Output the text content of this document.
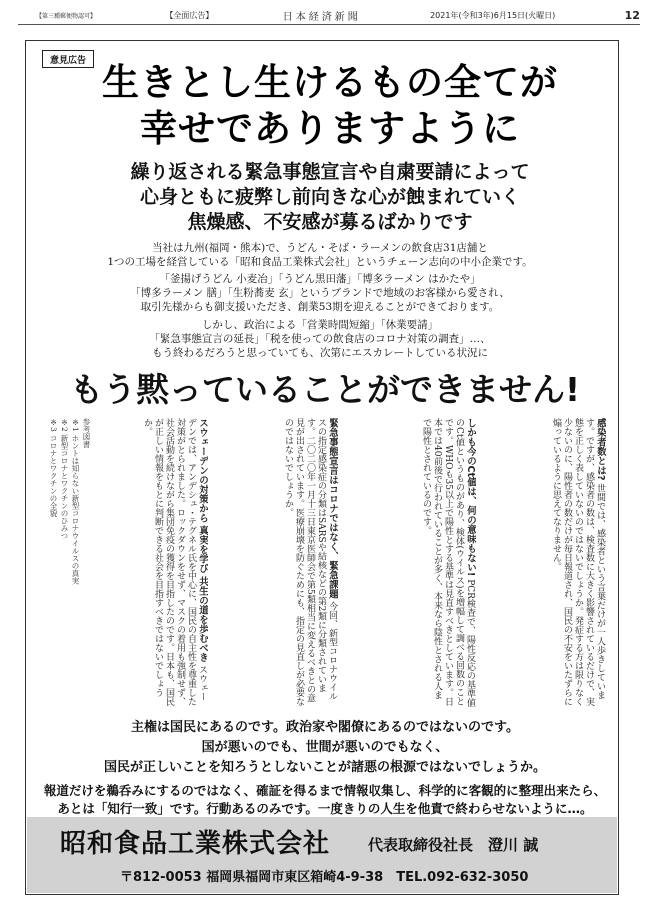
【第三種郵便物認可】	【全面広告】	日本経済新聞	2021年(令和3年)6月15日(火曜日)	12
意見広告
生きとし生けるもの全てが
幸せでありますように
繰り返される緊急事態宣言や自粛要請によって
心身ともに疲弊し前向きな心が蝕まれていく
焦燥感、不安感が募るばかりです
当社は九州(福岡・熊本)で、うどん・そば・ラーメンの飲食店31店舗と
1つの工場を経営している「昭和食品工業株式会社」というチェーン志向の中小企業です。
「釜揚げうどん 小麦冶」「うどん黒田藩」「博多ラーメン はかたや」
「博多ラーメン 膳」「生粉蕎麦 玄」というブランドで地域のお客様から愛され、
取引先様からも御支援いただき、創業53期を迎えることができております。
しかし、政治による「営業時間短縮」「休業要請」
「緊急事態宣言の延長」「税を使っての飲食店のコロナ対策の調査」…、
もう終わるだろうと思っていても、次第にエスカレートしている状況に
もう黙っていることができません!
感染者数とは? 世間では、感染者という言葉だけが一人歩きしています。ですが、感染者の数は、検査数に大きく影響されているだけで、実態を正しく表していないのではないでしょうか。発症する方は限りなく少ないのに、陽性者の数だけが毎日報道され、国民の不安をいたずらに煽っているように思えてなりません。
しかも今のCt値は、何の意味もない! PCR検査で、陽性反応の基準値のCt値というものがあり、検体(ウイルス)を増幅して調べる回数のことです。WHOも35以上で陽性とする基準は見直すべきとしています。日本では40前後で行われていることが多く、本来なら陰性とされる人まで陽性とされているのです。
緊急事態宣言はコロナではなく、緊急課題 今回、新型コロナウイルスの指定感染症の分類はSARSや結核などの第2類に分類されています。二〇二〇年一月十三日東京医師会で第5類相当に変えるべきとの意見が出されています。医療崩壊を防ぐためにも、指定の見直しが必要なのではないでしょうか。
スウェーデンの対策から 真実を学び 共生の道を歩むべき スウェーデンでは、アンデシュ・テグネル氏を中心に、国民の自主性を尊重した対策がとられました。ロックダウンをせず、マスクの着用も強制せず、社会活動を続けながら集団免疫の獲得を目指したのです。日本も、国民が正しい情報をもとに判断できる社会を目指すべきではないでしょうか。
参考図書
※1 ホントは知らない新型コロナウイルスの真実
※2 新型コロナとワクチンのひみつ
※3 コロナとワクチンの全貌
主権は国民にあるのです。政治家や閣僚にあるのではないのです。
国が悪いのでも、世間が悪いのでもなく、
国民が正しいことを知ろうとしないことが諸悪の根源ではないでしょうか。
報道だけを鵜呑みにするのではなく、確証を得るまで情報収集し、科学的に客観的に整理出来たら、
あとは「知行一致」です。行動あるのみです。一度きりの人生を他責で終わらせないように…。
昭和食品工業株式会社	代表取締役社長　澄川 誠
〒812-0053 福岡県福岡市東区箱崎4-9-38　TEL.092-632-3050
